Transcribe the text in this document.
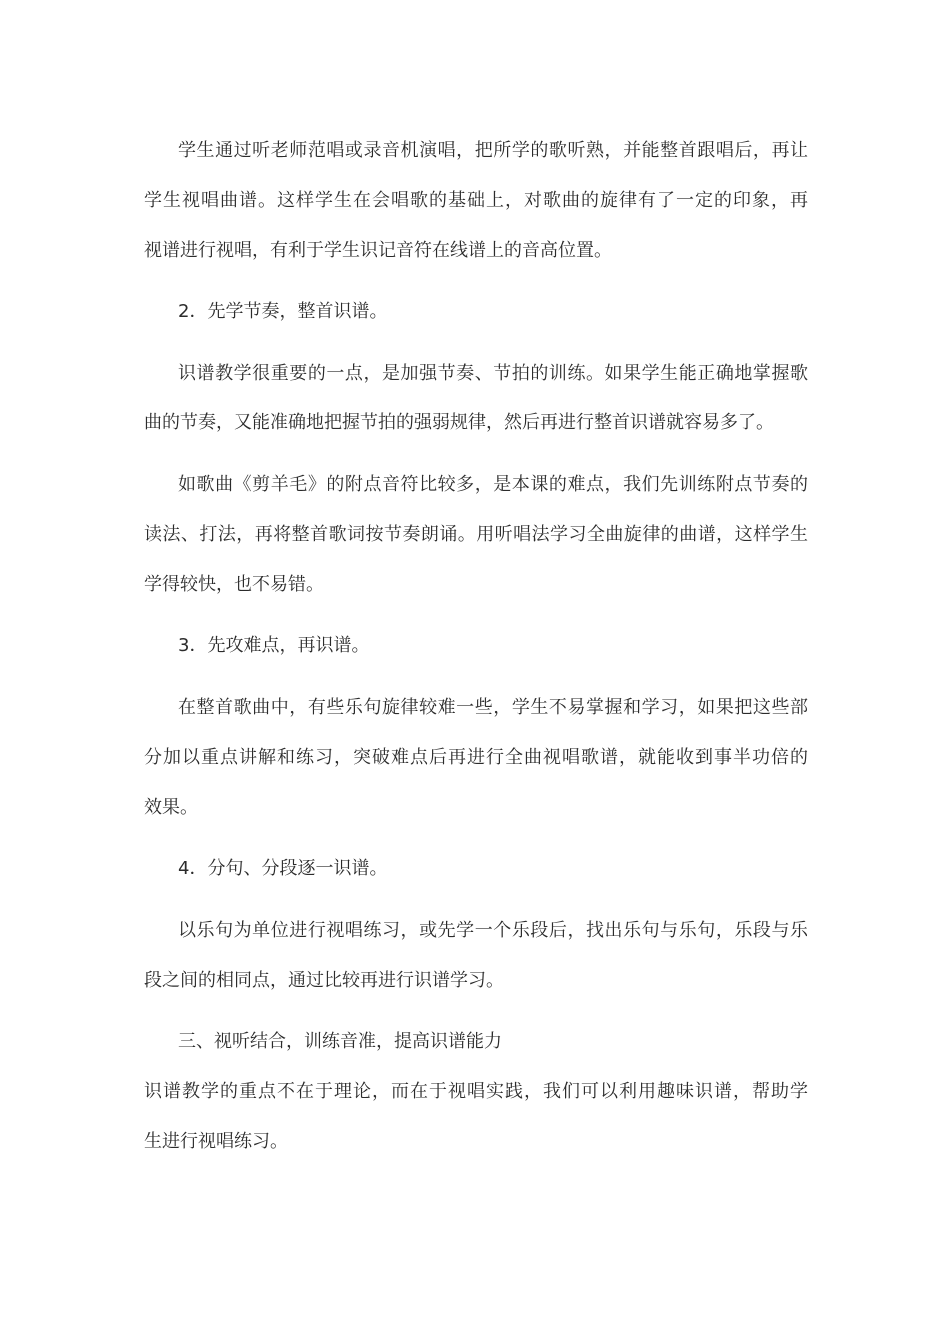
学生通过听老师范唱或录音机演唱，把所学的歌听熟，并能整首跟唱后，再让
学生视唱曲谱。这样学生在会唱歌的基础上，对歌曲的旋律有了一定的印象，再
视谱进行视唱，有利于学生识记音符在线谱上的音高位置。
2．先学节奏，整首识谱。
识谱教学很重要的一点，是加强节奏、节拍的训练。如果学生能正确地掌握歌
曲的节奏，又能准确地把握节拍的强弱规律，然后再进行整首识谱就容易多了。
如歌曲《剪羊毛》的附点音符比较多，是本课的难点，我们先训练附点节奏的
读法、打法，再将整首歌词按节奏朗诵。用听唱法学习全曲旋律的曲谱，这样学生
学得较快，也不易错。
3．先攻难点，再识谱。
在整首歌曲中，有些乐句旋律较难一些，学生不易掌握和学习，如果把这些部
分加以重点讲解和练习，突破难点后再进行全曲视唱歌谱，就能收到事半功倍的
效果。
4．分句、分段逐一识谱。
以乐句为单位进行视唱练习，或先学一个乐段后，找出乐句与乐句，乐段与乐
段之间的相同点，通过比较再进行识谱学习。
三、视听结合，训练音准，提高识谱能力
识谱教学的重点不在于理论，而在于视唱实践，我们可以利用趣味识谱，帮助学
生进行视唱练习。
